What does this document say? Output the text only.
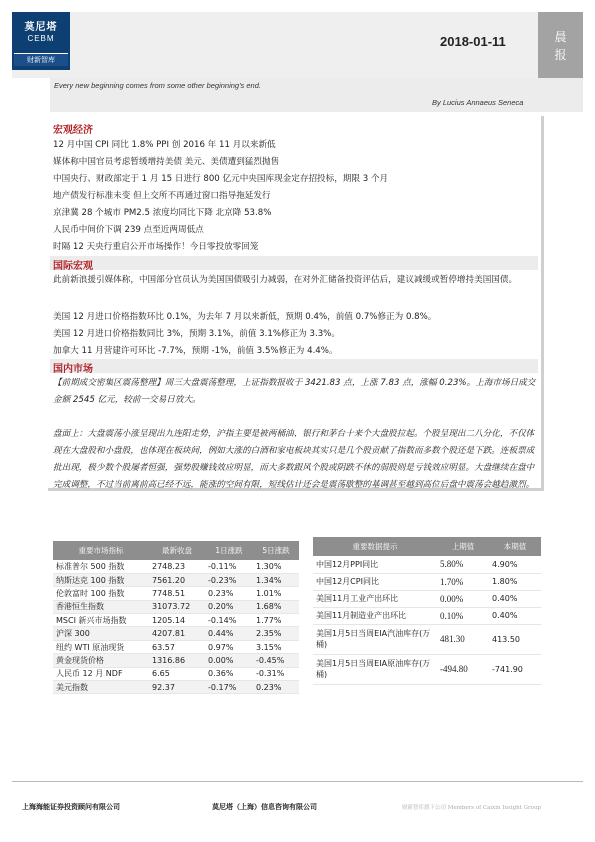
莫尼塔
CEBM
财新智库
2018-01-11	晨
报
Every new beginning comes from some other beginning's end.
By Lucius Annaeus Seneca
宏观经济
12 月中国 CPI 同比 1.8% PPI 创 2016 年 11 月以来新低
媒体称中国官员考虑暂缓增持美债 美元、美债遭到猛烈抛售
中国央行、财政部定于 1 月 15 日进行 800 亿元中央国库现金定存招投标，期限 3 个月
地产债发行标准未变 但上交所不再通过窗口指导拖延发行
京津冀 28 个城市 PM2.5 浓度均同比下降 北京降 53.8%
人民币中间价下调 239 点至近两周低点
时隔 12 天央行重启公开市场操作！今日零投放零回笼
国际宏观
此前新浪援引媒体称，中国部分官员认为美国国债吸引力减弱，在对外汇储备投资评估后，建议减缓或暂停增持美国国债。
美国 12 月进口价格指数环比 0.1%，为去年 7 月以来新低，预期 0.4%，前值 0.7%修正为 0.8%。
美国 12 月进口价格指数同比 3%，预期 3.1%，前值 3.1%修正为 3.3%。
加拿大 11 月营建许可环比 -7.7%，预期 -1%，前值 3.5%修正为 4.4%。
国内市场
【前期成交密集区震荡整理】周三大盘震荡整理，上证指数报收于 3421.83 点，上涨 7.83 点，涨幅 0.23%。上海市场日成交金额 2545 亿元，较前一交易日放大。
盘面上：大盘震荡小涨呈现出九连阳走势，沪指主要是被两桶油、银行和茅台十来个大盘股拉起。个股呈现出二八分化，不仅体现在大盘股和小盘股，也体现在板块间，例如大涨的白酒和家电板块其实只是几个股贡献了指数而多数个股还是下跌。连板票成批出现，极少数个股屡者恒强，强势股赚钱效应明显，而大多数跟风个股或阴跌不休的弱股则是亏钱效应明显。大盘继续在盘中完成调整，不过当前离前高已经不远，能涨的空间有限，短线估计还会是震荡歇整的基调甚至越到高位后盘中震荡会越趋激烈。
重要市场指标	最新收盘	1日涨跌	5日涨跌
标准普尔 500 指数	2748.23	-0.11%	1.30%
纳斯达克 100 指数	7561.20	-0.23%	1.34%
伦敦富时 100 指数	7748.51	0.23%	1.01%
香港恒生指数	31073.72	0.20%	1.68%
MSCI 新兴市场指数	1205.14	-0.14%	1.77%
沪深 300	4207.81	0.44%	2.35%
纽约 WTI 原油现货	63.57	0.97%	3.15%
黄金现货价格	1316.86	0.00%	-0.45%
人民币 12 月 NDF	6.65	0.36%	-0.31%
美元指数	92.37	-0.17%	0.23%
重要数据提示	上期值	本期值
中国12月PPI同比	5.80%	4.90%
中国12月CPI同比	1.70%	1.80%
美国11月工业产出环比	0.00%	0.40%
美国11月制造业产出环比	0.10%	0.40%
美国1月5日当周EIA汽油库存(万桶)	481.30	413.50
美国1月5日当周EIA原油库存(万桶)	-494.80	-741.90
上海海能证券投资顾问有限公司	莫尼塔（上海）信息咨询有限公司	财新智库旗下公司 Members of Caixin Insight Group
